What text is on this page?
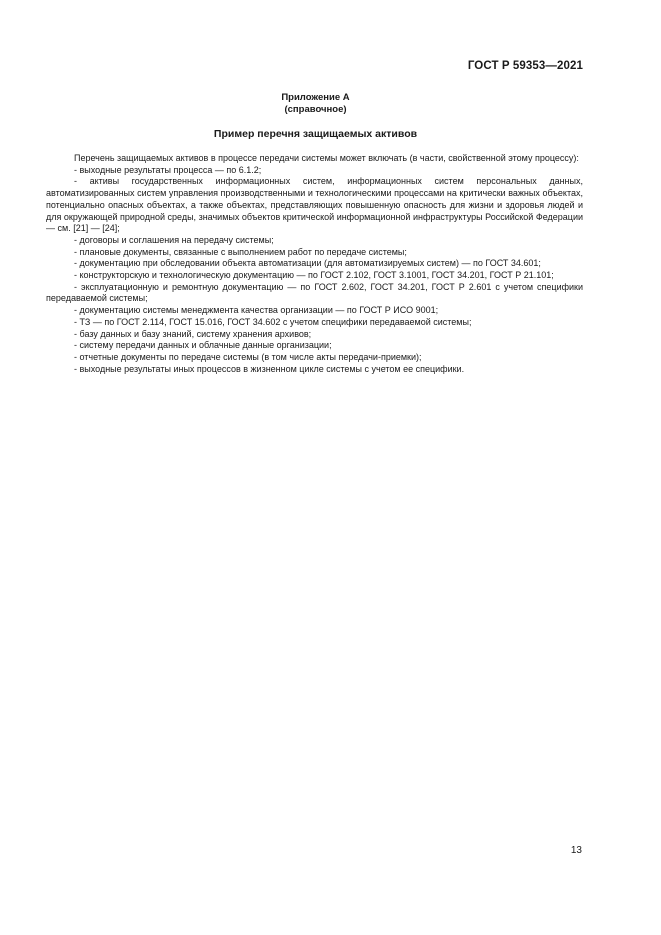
ГОСТ Р 59353—2021
Приложение А
(справочное)
Пример перечня защищаемых активов

Перечень защищаемых активов в процессе передачи системы может включать (в части, свойственной этому процессу):

- выходные результаты процесса — по 6.1.2;

- активы государственных информационных систем, информационных систем персональных данных, автоматизированных систем управления производственными и технологическими процессами на критически важных объектах, потенциально опасных объектах, а также объектах, представляющих повышенную опасность для жизни и здоровья людей и для окружающей природной среды, значимых объектов критической информационной инфраструктуры Российской Федерации — см. [21] — [24];

- договоры и соглашения на передачу системы;

- плановые документы, связанные с выполнением работ по передаче системы;

- документацию при обследовании объекта автоматизации (для автоматизируемых систем) — по ГОСТ 34.601;

- конструкторскую и технологическую документацию — по ГОСТ 2.102, ГОСТ 3.1001, ГОСТ 34.201, ГОСТ Р 21.101;

- эксплуатационную и ремонтную документацию — по ГОСТ 2.602, ГОСТ 34.201, ГОСТ Р 2.601 с учетом специфики передаваемой системы;

- документацию системы менеджмента качества организации — по ГОСТ Р ИСО 9001;

- ТЗ — по ГОСТ 2.114, ГОСТ 15.016, ГОСТ 34.602 с учетом специфики передаваемой системы;

- базу данных и базу знаний, систему хранения архивов;

- систему передачи данных и облачные данные организации;

- отчетные документы по передаче системы (в том числе акты передачи-приемки);

- выходные результаты иных процессов в жизненном цикле системы с учетом ее специфики.

13
